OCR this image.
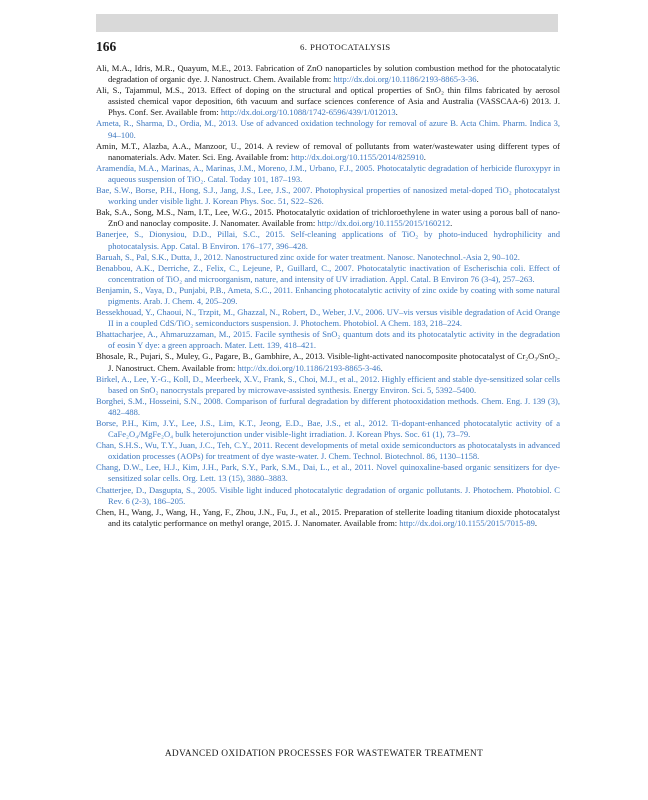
166	6. PHOTOCATALYSIS

Ali, M.A., Idris, M.R., Quayum, M.E., 2013. Fabrication of ZnO nanoparticles by solution combustion method for the photocatalytic degradation of organic dye. J. Nanostruct. Chem. Available from: http://dx.doi.org/10.1186/2193-8865-3-36.

Ali, S., Tajammul, M.S., 2013. Effect of doping on the structural and optical properties of SnO₂ thin films fabricated by aerosol assisted chemical vapor deposition, 6th vacuum and surface sciences conference of Asia and Australia (VASSCAA-6) 2013. J. Phys. Conf. Ser. Available from: http://dx.doi.org/10.1088/1742-6596/439/1/012013.

Ameta, R., Sharma, D., Ordia, M., 2013. Use of advanced oxidation technology for removal of azure B. Acta Chim. Pharm. Indica 3, 94–100.

Amin, M.T., Alazba, A.A., Manzoor, U., 2014. A review of removal of pollutants from water/wastewater using different types of nanomaterials. Adv. Mater. Sci. Eng. Available from: http://dx.doi.org/10.1155/2014/825910.

Aramendía, M.A., Marinas, A., Marinas, J.M., Moreno, J.M., Urbano, F.J., 2005. Photocatalytic degradation of herbicide fluroxypyr in aqueous suspension of TiO₂. Catal. Today 101, 187–193.

Bae, S.W., Borse, P.H., Hong, S.J., Jang, J.S., Lee, J.S., 2007. Photophysical properties of nanosized metal-doped TiO₂ photocatalyst working under visible light. J. Korean Phys. Soc. 51, S22–S26.

Bak, S.A., Song, M.S., Nam, I.T., Lee, W.G., 2015. Photocatalytic oxidation of trichloroethylene in water using a porous ball of nano-ZnO and nanoclay composite. J. Nanomater. Available from: http://dx.doi.org/10.1155/2015/160212.

Banerjee, S., Dionysiou, D.D., Pillai, S.C., 2015. Self-cleaning applications of TiO₂ by photo-induced hydrophilicity and photocatalysis. App. Catal. B Environ. 176–177, 396–428.

Baruah, S., Pal, S.K., Dutta, J., 2012. Nanostructured zinc oxide for water treatment. Nanosc. Nanotechnol.-Asia 2, 90–102.

Benabbou, A.K., Derriche, Z., Felix, C., Lejeune, P., Guillard, C., 2007. Photocatalytic inactivation of Escherischia coli. Effect of concentration of TiO₂ and microorganism, nature, and intensity of UV irradiation. Appl. Catal. B Environ 76 (3-4), 257–263.

Benjamin, S., Vaya, D., Punjabi, P.B., Ameta, S.C., 2011. Enhancing photocatalytic activity of zinc oxide by coating with some natural pigments. Arab. J. Chem. 4, 205–209.

Bessekhouad, Y., Chaoui, N., Trzpit, M., Ghazzal, N., Robert, D., Weber, J.V., 2006. UV–vis versus visible degradation of Acid Orange II in a coupled CdS/TiO₂ semiconductors suspension. J. Photochem. Photobiol. A Chem. 183, 218–224.

Bhattacharjee, A., Ahmaruzzaman, M., 2015. Facile synthesis of SnO₂ quantum dots and its photocatalytic activity in the degradation of eosin Y dye: a green approach. Mater. Lett. 139, 418–421.

Bhosale, R., Pujari, S., Muley, G., Pagare, B., Gambhire, A., 2013. Visible-light-activated nanocomposite photocatalyst of Cr₂O₃/SnO₂. J. Nanostruct. Chem. Available from: http://dx.doi.org/10.1186/2193-8865-3-46.

Birkel, A., Lee, Y.-G., Koll, D., Meerbeek, X.V., Frank, S., Choi, M.J., et al., 2012. Highly efficient and stable dye-sensitized solar cells based on SnO₂ nanocrystals prepared by microwave-assisted synthesis. Energy Environ. Sci. 5, 5392–5400.

Borghei, S.M., Hosseini, S.N., 2008. Comparison of furfural degradation by different photooxidation methods. Chem. Eng. J. 139 (3), 482–488.

Borse, P.H., Kim, J.Y., Lee, J.S., Lim, K.T., Jeong, E.D., Bae, J.S., et al., 2012. Ti-dopant-enhanced photocatalytic activity of a CaFe₂O₄/MgFe₂O₄ bulk heterojunction under visible-light irradiation. J. Korean Phys. Soc. 61 (1), 73–79.

Chan, S.H.S., Wu, T.Y., Juan, J.C., Teh, C.Y., 2011. Recent developments of metal oxide semiconductors as photocatalysts in advanced oxidation processes (AOPs) for treatment of dye waste-water. J. Chem. Technol. Biotechnol. 86, 1130–1158.

Chang, D.W., Lee, H.J., Kim, J.H., Park, S.Y., Park, S.M., Dai, L., et al., 2011. Novel quinoxaline-based organic sensitizers for dye-sensitized solar cells. Org. Lett. 13 (15), 3880–3883.

Chatterjee, D., Dasgupta, S., 2005. Visible light induced photocatalytic degradation of organic pollutants. J. Photochem. Photobiol. C Rev. 6 (2-3), 186–205.

Chen, H., Wang, J., Wang, H., Yang, F., Zhou, J.N., Fu, J., et al., 2015. Preparation of stellerite loading titanium dioxide photocatalyst and its catalytic performance on methyl orange, 2015. J. Nanomater. Available from: http://dx.doi.org/10.1155/2015/7015-89.

ADVANCED OXIDATION PROCESSES FOR WASTEWATER TREATMENT
